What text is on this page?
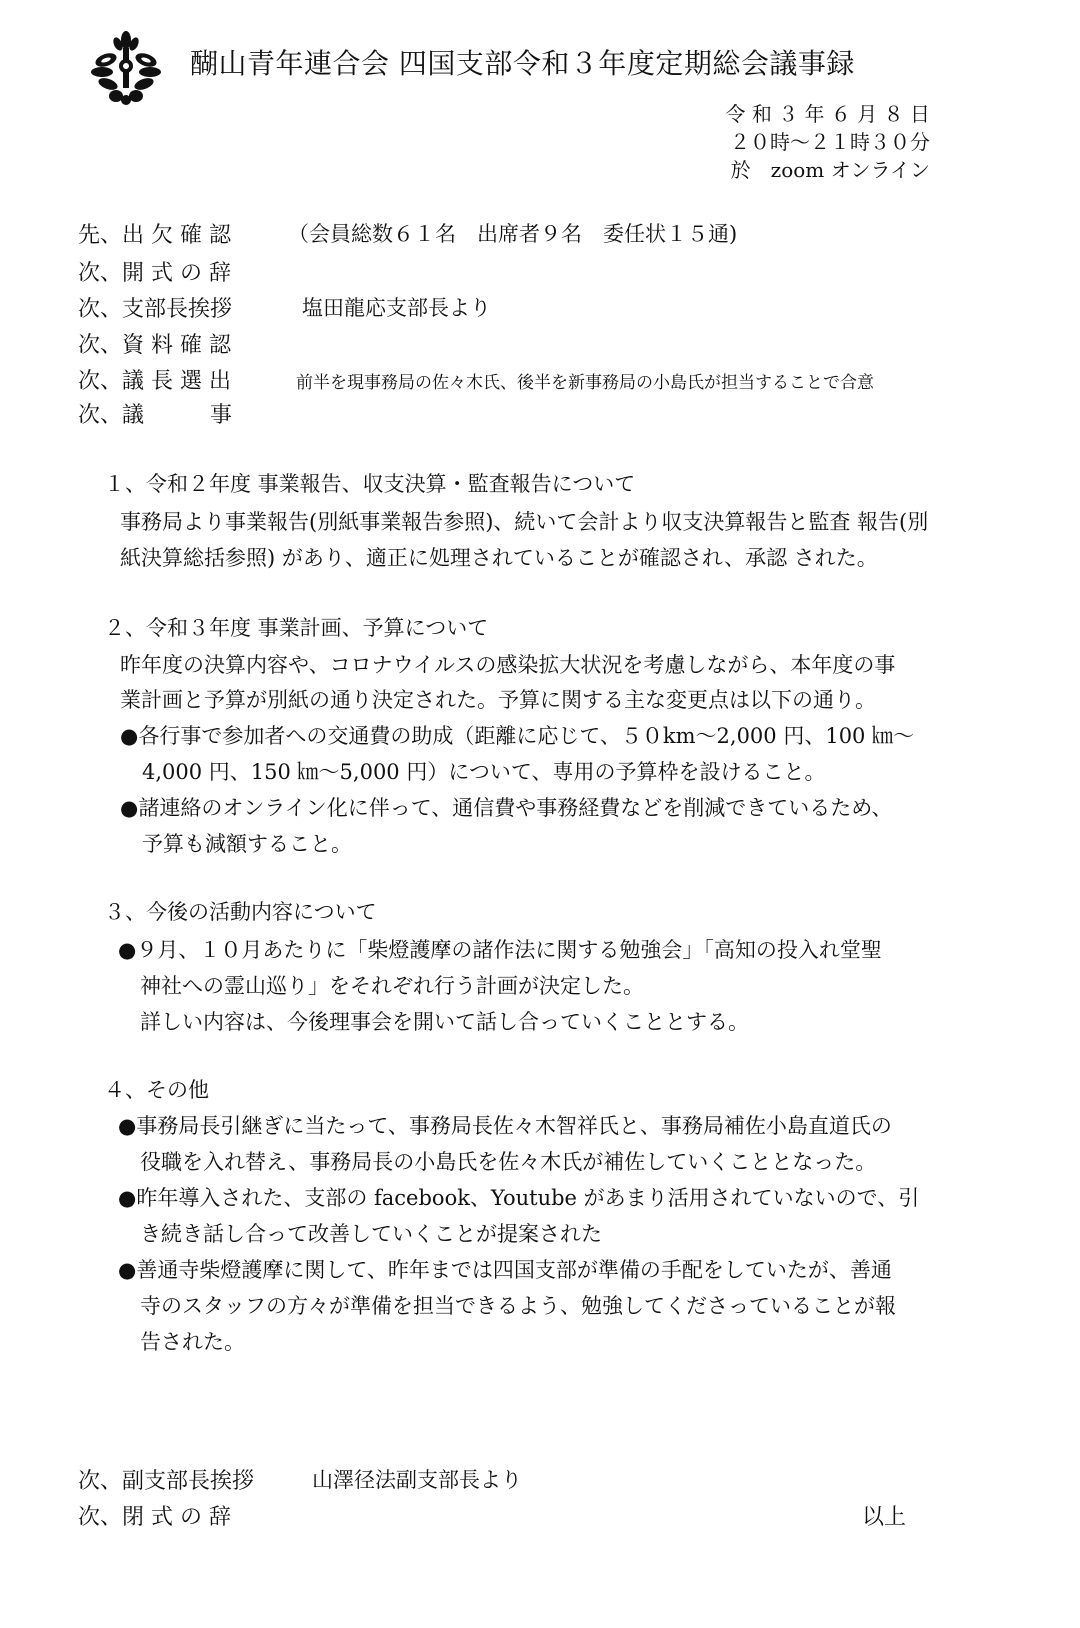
醐山青年連合会 四国支部令和３年度定期総会議事録
令 和 ３ 年 ６ 月 ８ 日
２０時～２１時３０分
於　zoom オンライン
先、出 欠 確 認	（会員総数６１名　出席者９名　委任状１５通)
次、開 式 の 辞
次、支部長挨拶	塩田龍応支部長より
次、資 料 確 認
次、議 長 選 出	前半を現事務局の佐々木氏、後半を新事務局の小島氏が担当することで合意
次、議　　　事
１、令和２年度 事業報告、収支決算・監査報告について
事務局より事業報告(別紙事業報告参照)、続いて会計より収支決算報告と監査 報告(別
紙決算総括参照) があり、適正に処理されていることが確認され、承認 された。
２、令和３年度 事業計画、予算について
昨年度の決算内容や、コロナウイルスの感染拡大状況を考慮しながら、本年度の事
業計画と予算が別紙の通り決定された。予算に関する主な変更点は以下の通り。
●各行事で参加者への交通費の助成（距離に応じて、５０km～2,000 円、100 ㎞～
4,000 円、150 ㎞～5,000 円）について、専用の予算枠を設けること。
●諸連絡のオンライン化に伴って、通信費や事務経費などを削減できているため、
予算も減額すること。
３、今後の活動内容について
●９月、１０月あたりに「柴燈護摩の諸作法に関する勉強会」「高知の投入れ堂聖
神社への霊山巡り」をそれぞれ行う計画が決定した。
詳しい内容は、今後理事会を開いて話し合っていくこととする。
４、その他
●事務局長引継ぎに当たって、事務局長佐々木智祥氏と、事務局補佐小島直道氏の
役職を入れ替え、事務局長の小島氏を佐々木氏が補佐していくこととなった。
●昨年導入された、支部の facebook、Youtube があまり活用されていないので、引
き続き話し合って改善していくことが提案された
●善通寺柴燈護摩に関して、昨年までは四国支部が準備の手配をしていたが、善通
寺のスタッフの方々が準備を担当できるよう、勉強してくださっていることが報
告された。
次、副支部長挨拶	山澤径法副支部長より
次、閉 式 の 辞	以上
